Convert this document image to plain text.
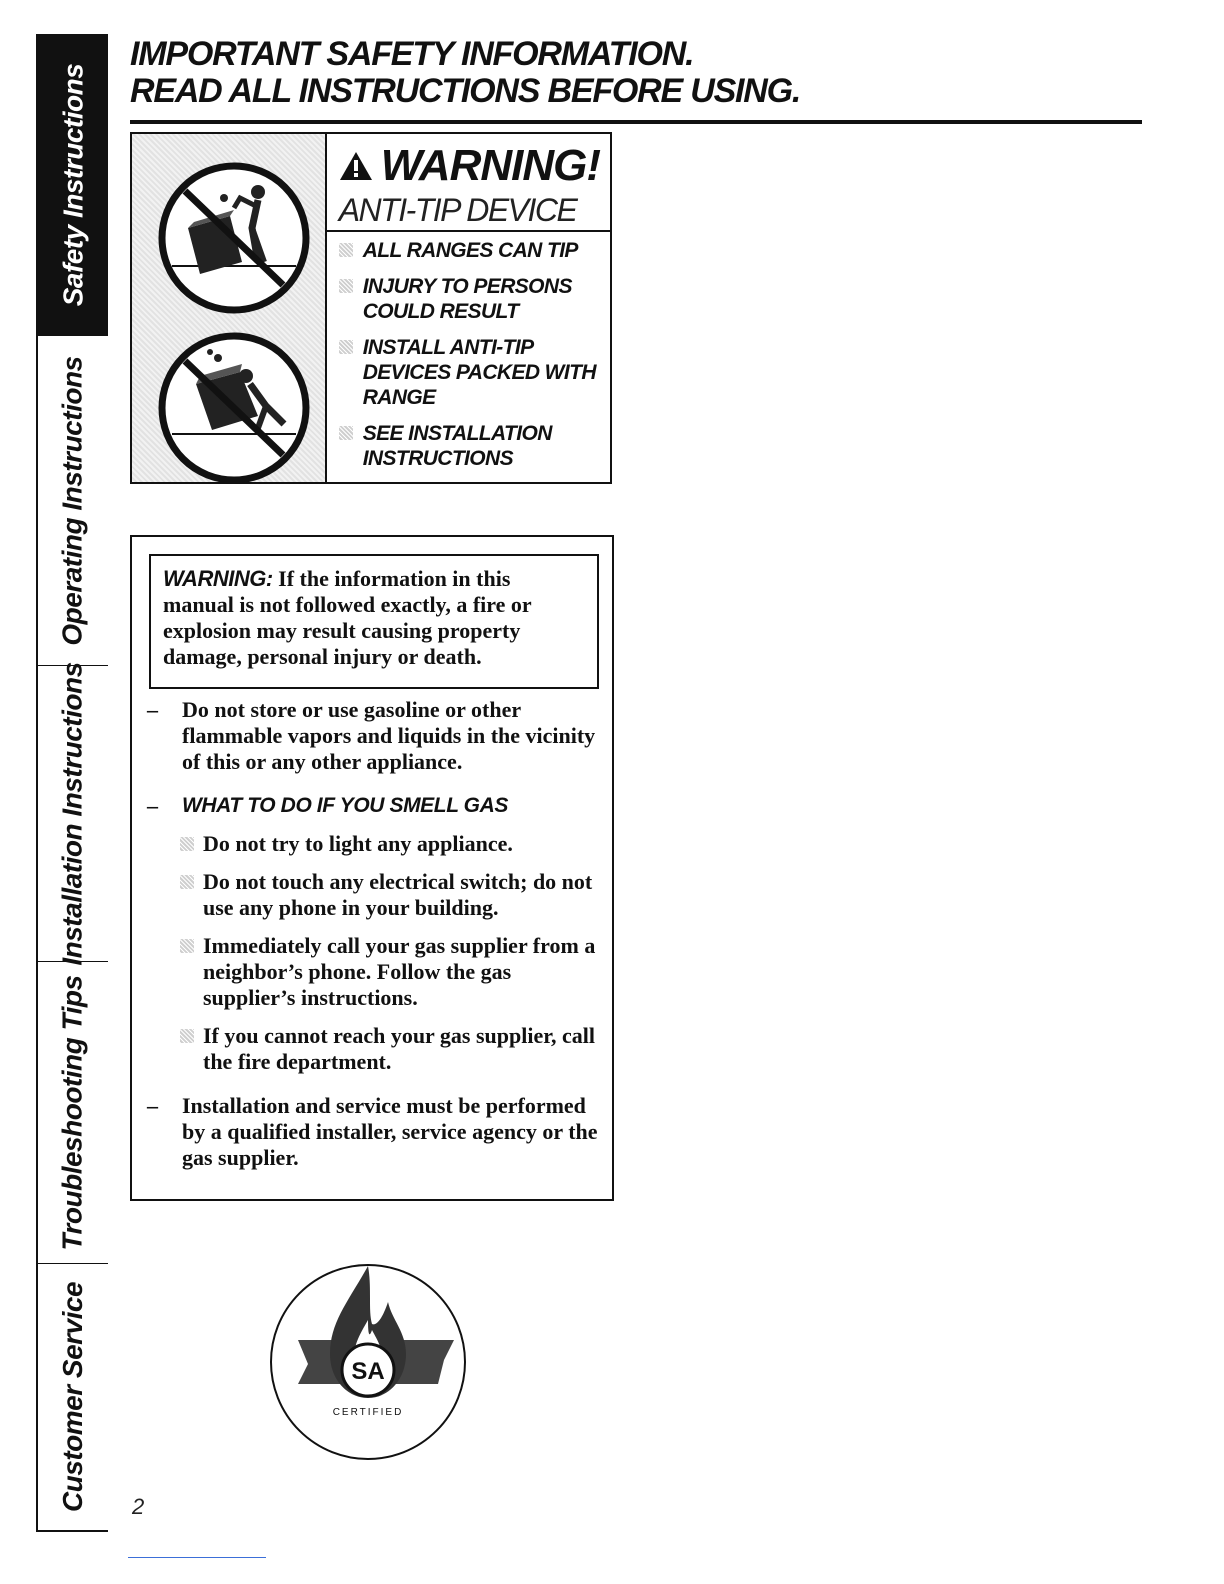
Safety Instructions
Operating Instructions
Installation Instructions
Troubleshooting Tips
Customer Service
IMPORTANT SAFETY INFORMATION.
READ ALL INSTRUCTIONS BEFORE USING.
WARNING!
ANTI-TIP DEVICE
ALL RANGES CAN TIP
INJURY TO PERSONS
COULD RESULT
INSTALL ANTI-TIP
DEVICES PACKED WITH
RANGE
SEE INSTALLATION
INSTRUCTIONS
WARNING: If the information in this manual is not followed exactly, a fire or explosion may result causing property damage, personal injury or death.
–	Do not store or use gasoline or other flammable vapors and liquids in the vicinity of this or any other appliance.
–	WHAT TO DO IF YOU SMELL GAS
Do not try to light any appliance.
Do not touch any electrical switch; do not use any phone in your building.
Immediately call your gas supplier from a neighbor’s phone. Follow the gas supplier’s instructions.
If you cannot reach your gas supplier, call the fire department.
–	Installation and service must be performed by a qualified installer, service agency or the gas supplier.
SA
CERTIFIED
2
